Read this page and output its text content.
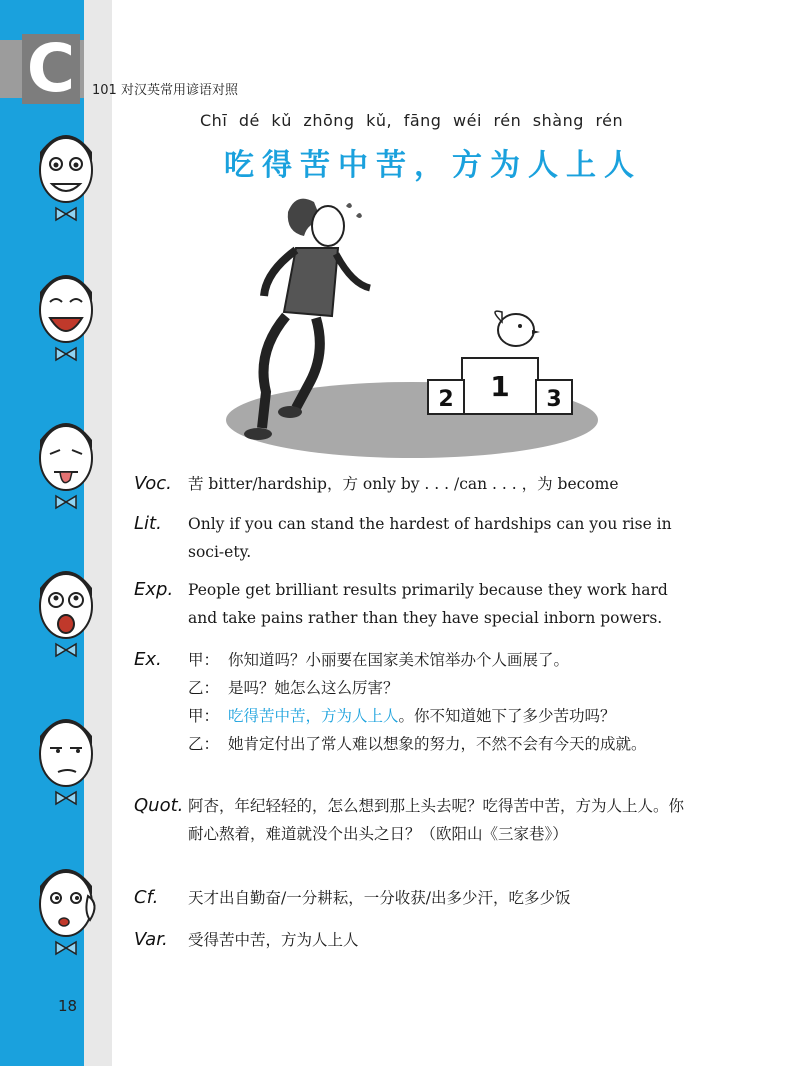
C	101 对汉英常用谚语对照
Chī dé kǔ zhōng kǔ, fāng wéi rén shàng rén
吃得苦中苦，方为人上人
1
2	3
Voc. 苦 bitter/hardship，方 only by . . . /can . . . ，为 become
Lit. Only if you can stand the hardest of hardships can you rise in soci-ety.
Exp. People get brilliant results primarily because they work hard and take pains rather than they have special inborn powers.
Ex.	甲： 你知道吗？小丽要在国家美术馆举办个人画展了。
乙： 是吗？她怎么这么厉害？
甲： 吃得苦中苦，方为人上人。你不知道她下了多少苦功吗？
乙： 她肯定付出了常人难以想象的努力，不然不会有今天的成就。
Quot. 阿杏，年纪轻轻的，怎么想到那上头去呢？吃得苦中苦，方为人上人。你耐心熬着，难道就没个出头之日？（欧阳山《三家巷》）
Cf. 天才出自勤奋/一分耕耘，一分收获/出多少汗，吃多少饭
Var. 受得苦中苦，方为人上人
18
